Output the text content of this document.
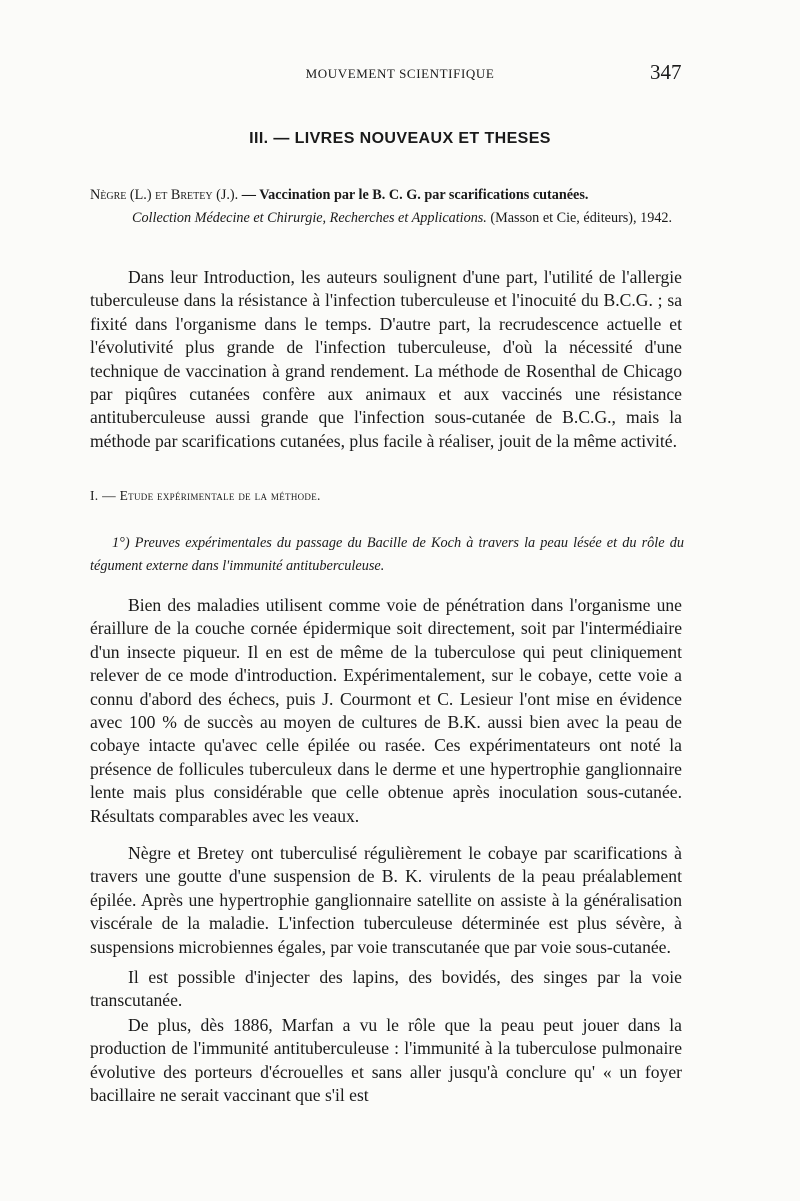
MOUVEMENT SCIENTIFIQUE	347
III. — LIVRES NOUVEAUX ET THESES
Nègre (L.) et Bretey (J.). — Vaccination par le B. C. G. par scarifications cutanées.
Collection Médecine et Chirurgie, Recherches et Applications. (Masson et Cie, éditeurs), 1942.

Dans leur Introduction, les auteurs soulignent d'une part, l'utilité de l'allergie tuberculeuse dans la résistance à l'infection tuberculeuse et l'inocuité du B.C.G. ; sa fixité dans l'organisme dans le temps. D'autre part, la recrudescence actuelle et l'évolutivité plus grande de l'infection tuberculeuse, d'où la nécessité d'une technique de vaccination à grand rendement. La méthode de Rosenthal de Chicago par piqûres cutanées confère aux animaux et aux vaccinés une résistance antituberculeuse aussi grande que l'infection sous-cutanée de B.C.G., mais la méthode par scarifications cutanées, plus facile à réaliser, jouit de la même activité.

I. — Etude expérimentale de la méthode.
1°) Preuves expérimentales du passage du Bacille de Koch à travers la peau lésée et du rôle du tégument externe dans l'immunité antituberculeuse.

Bien des maladies utilisent comme voie de pénétration dans l'organisme une éraillure de la couche cornée épidermique soit directement, soit par l'intermédiaire d'un insecte piqueur. Il en est de même de la tuberculose qui peut cliniquement relever de ce mode d'introduction. Expérimentalement, sur le cobaye, cette voie a connu d'abord des échecs, puis J. Courmont et C. Lesieur l'ont mise en évidence avec 100 % de succès au moyen de cultures de B.K. aussi bien avec la peau de cobaye intacte qu'avec celle épilée ou rasée. Ces expérimentateurs ont noté la présence de follicules tuberculeux dans le derme et une hypertrophie ganglionnaire lente mais plus considérable que celle obtenue après inoculation sous-cutanée. Résultats comparables avec les veaux.

Nègre et Bretey ont tuberculisé régulièrement le cobaye par scarifications à travers une goutte d'une suspension de B. K. virulents de la peau préalablement épilée. Après une hypertrophie ganglionnaire satellite on assiste à la généralisation viscérale de la maladie. L'infection tuberculeuse déterminée est plus sévère, à suspensions microbiennes égales, par voie transcutanée que par voie sous-cutanée.

Il est possible d'injecter des lapins, des bovidés, des singes par la voie transcutanée.

De plus, dès 1886, Marfan a vu le rôle que la peau peut jouer dans la production de l'immunité antituberculeuse : l'immunité à la tuberculose pulmonaire évolutive des porteurs d'écrouelles et sans aller jusqu'à conclure qu' « un foyer bacillaire ne serait vaccinant que s'il est
